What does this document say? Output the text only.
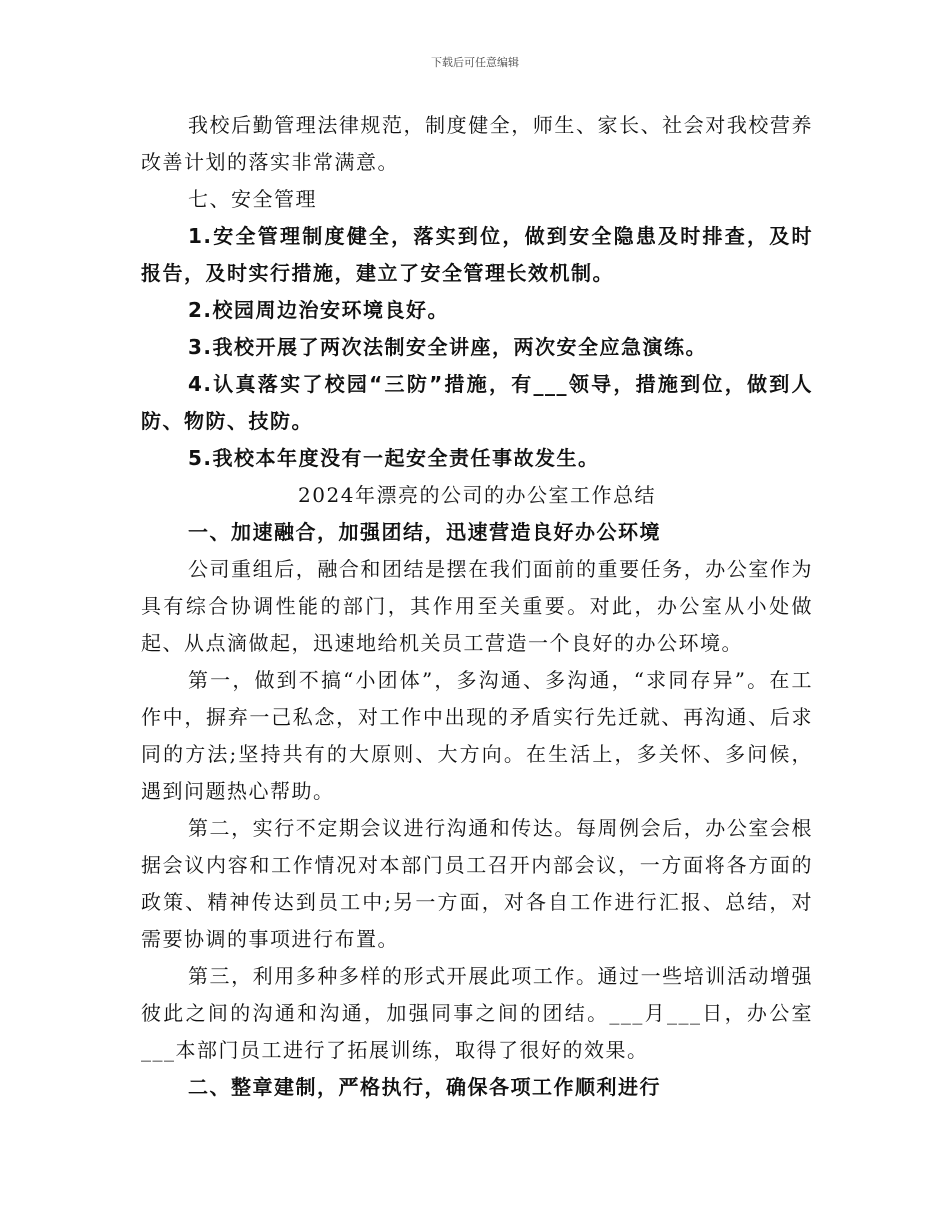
下载后可任意编辑

我校后勤管理法律规范，制度健全，师生、家长、社会对我校营养改善计划的落实非常满意。

七、安全管理

1.安全管理制度健全，落实到位，做到安全隐患及时排查，及时报告，及时实行措施，建立了安全管理长效机制。

2.校园周边治安环境良好。

3.我校开展了两次法制安全讲座，两次安全应急演练。

4.认真落实了校园“三防”措施，有___领导，措施到位，做到人防、物防、技防。

5.我校本年度没有一起安全责任事故发生。

2024年漂亮的公司的办公室工作总结

一、加速融合，加强团结，迅速营造良好办公环境

公司重组后，融合和团结是摆在我们面前的重要任务，办公室作为具有综合协调性能的部门，其作用至关重要。对此，办公室从小处做起、从点滴做起，迅速地给机关员工营造一个良好的办公环境。

第一，做到不搞“小团体”，多沟通、多沟通，“求同存异”。在工作中，摒弃一己私念，对工作中出现的矛盾实行先迁就、再沟通、后求同的方法;坚持共有的大原则、大方向。在生活上，多关怀、多问候，遇到问题热心帮助。

第二，实行不定期会议进行沟通和传达。每周例会后，办公室会根据会议内容和工作情况对本部门员工召开内部会议，一方面将各方面的政策、精神传达到员工中;另一方面，对各自工作进行汇报、总结，对需要协调的事项进行布置。

第三，利用多种多样的形式开展此项工作。通过一些培训活动增强彼此之间的沟通和沟通，加强同事之间的团结。___月___日，办公室___本部门员工进行了拓展训练，取得了很好的效果。

二、整章建制，严格执行，确保各项工作顺利进行
